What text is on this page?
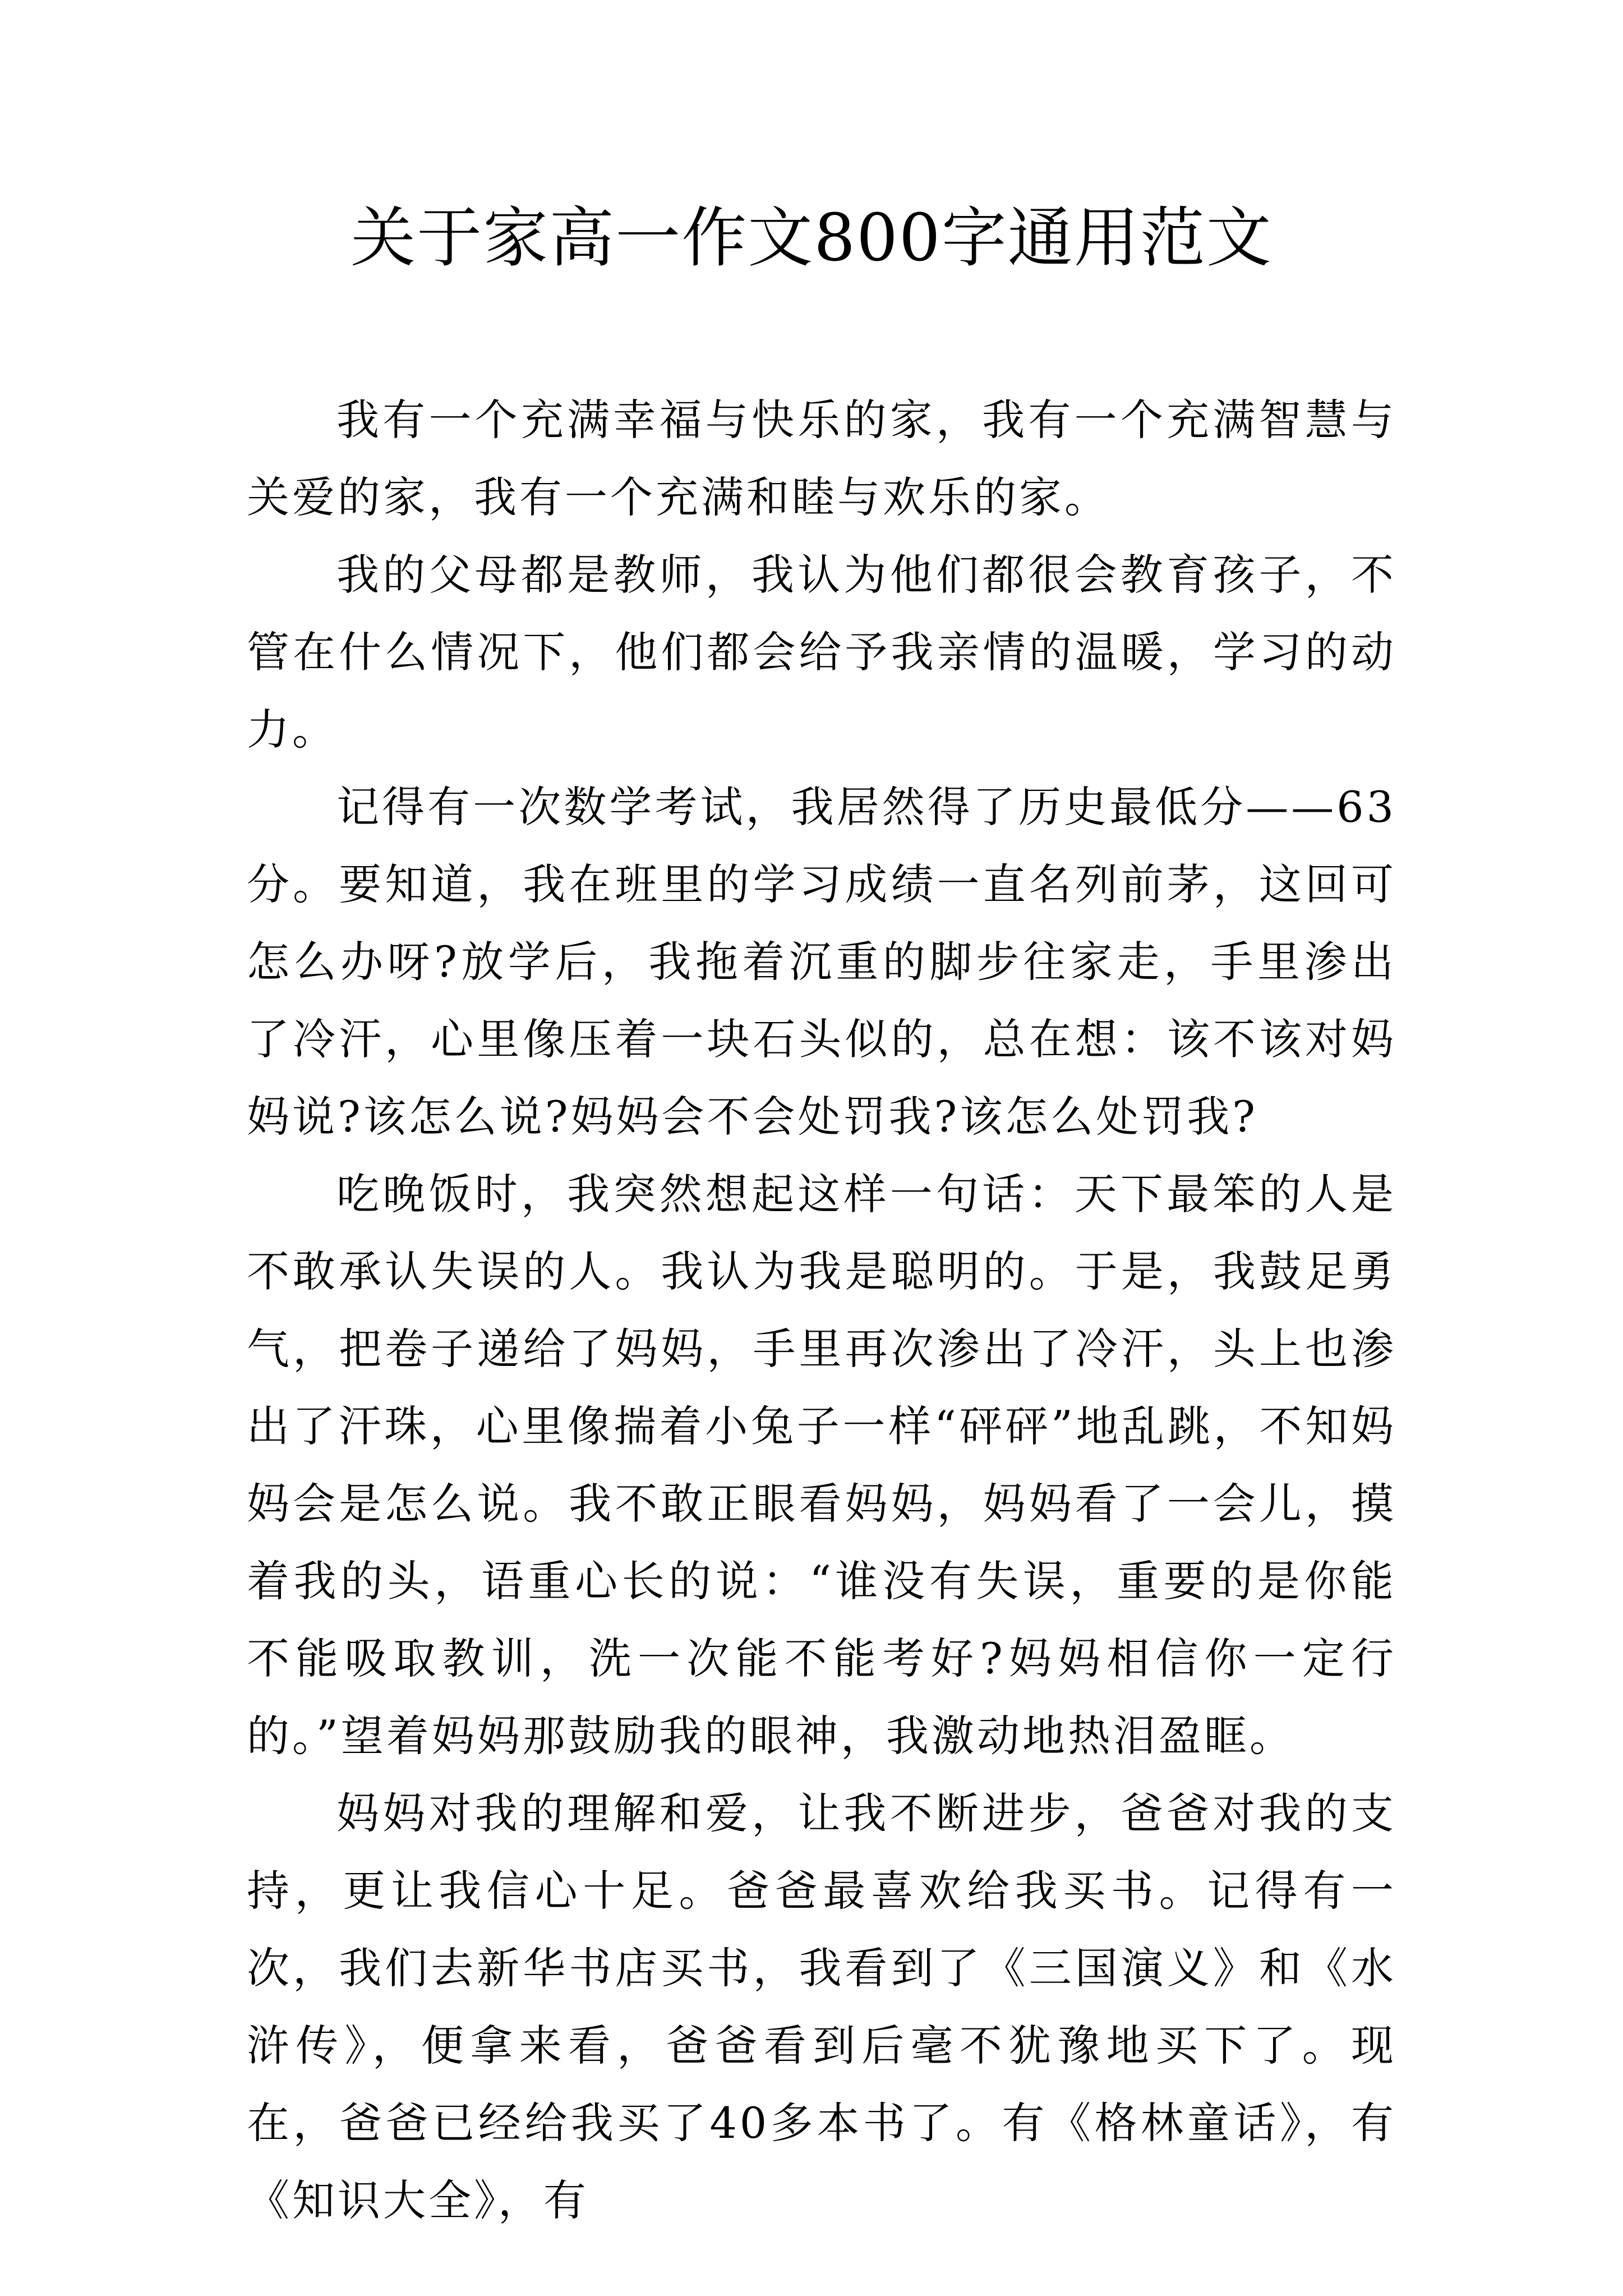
关于家高一作文800字通用范文

我有一个充满幸福与快乐的家，我有一个充满智慧与关爱的家，我有一个充满和睦与欢乐的家。

我的父母都是教师，我认为他们都很会教育孩子，不管在什么情况下，他们都会给予我亲情的温暖，学习的动力。

记得有一次数学考试，我居然得了历史最低分——63分。要知道，我在班里的学习成绩一直名列前茅，这回可怎么办呀?放学后，我拖着沉重的脚步往家走，手里渗出了冷汗，心里像压着一块石头似的，总在想：该不该对妈妈说?该怎么说?妈妈会不会处罚我?该怎么处罚我?

吃晚饭时，我突然想起这样一句话：天下最笨的人是不敢承认失误的人。我认为我是聪明的。于是，我鼓足勇气，把卷子递给了妈妈，手里再次渗出了冷汗，头上也渗出了汗珠，心里像揣着小兔子一样“砰砰”地乱跳，不知妈妈会是怎么说。我不敢正眼看妈妈，妈妈看了一会儿，摸着我的头，语重心长的说：“谁没有失误，重要的是你能不能吸取教训，洗一次能不能考好?妈妈相信你一定行的。”望着妈妈那鼓励我的眼神，我激动地热泪盈眶。

妈妈对我的理解和爱，让我不断进步，爸爸对我的支持，更让我信心十足。爸爸最喜欢给我买书。记得有一次，我们去新华书店买书，我看到了《三国演义》和《水浒传》，便拿来看，爸爸看到后毫不犹豫地买下了。现在，爸爸已经给我买了40多本书了。有《格林童话》，有《知识大全》，有
